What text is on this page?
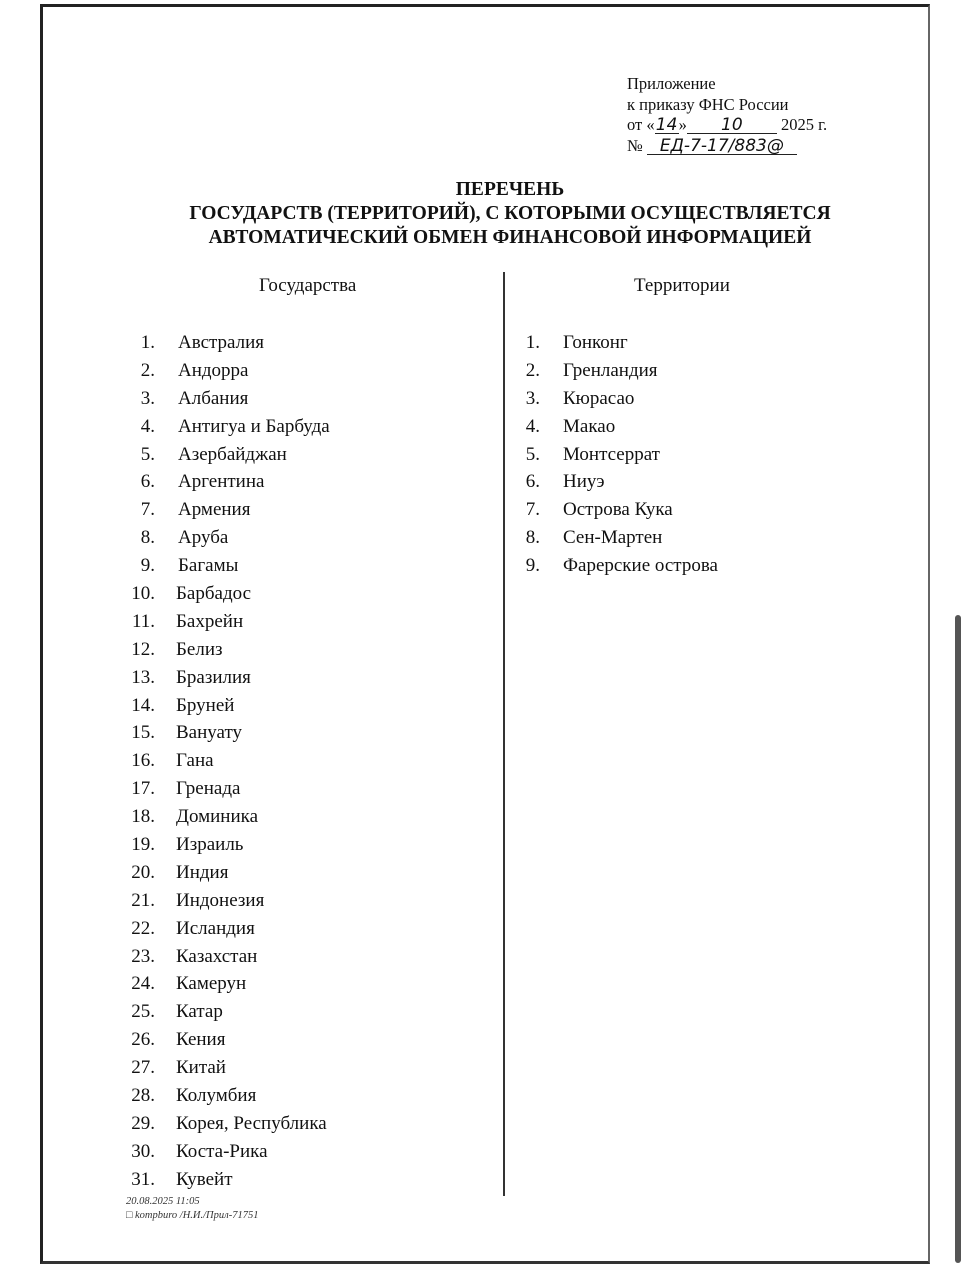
Приложение
к приказу ФНС России
от «14» 10 2025 г.
№ ЕД-7-17/883@
ПЕРЕЧЕНЬ
ГОСУДАРСТВ (ТЕРРИТОРИЙ), С КОТОРЫМИ ОСУЩЕСТВЛЯЕТСЯ
АВТОМАТИЧЕСКИЙ ОБМЕН ФИНАНСОВОЙ ИНФОРМАЦИЕЙ
Государства	Территории
1. Австралия
2. Андорра
3. Албания
4. Антигуа и Барбуда
5. Азербайджан
6. Аргентина
7. Армения
8. Аруба
9. Багамы
10. Барбадос
11. Бахрейн
12. Белиз
13. Бразилия
14. Бруней
15. Вануату
16. Гана
17. Гренада
18. Доминика
19. Израиль
20. Индия
21. Индонезия
22. Исландия
23. Казахстан
24. Камерун
25. Катар
26. Кения
27. Китай
28. Колумбия
29. Корея, Республика
30. Коста-Рика
31. Кувейт
1. Гонконг
2. Гренландия
3. Кюрасао
4. Макао
5. Монтсеррат
6. Ниуэ
7. Острова Кука
8. Сен-Мартен
9. Фарерские острова
20.08.2025 11:05
□ kompburo /Н.И./Прил-71751
